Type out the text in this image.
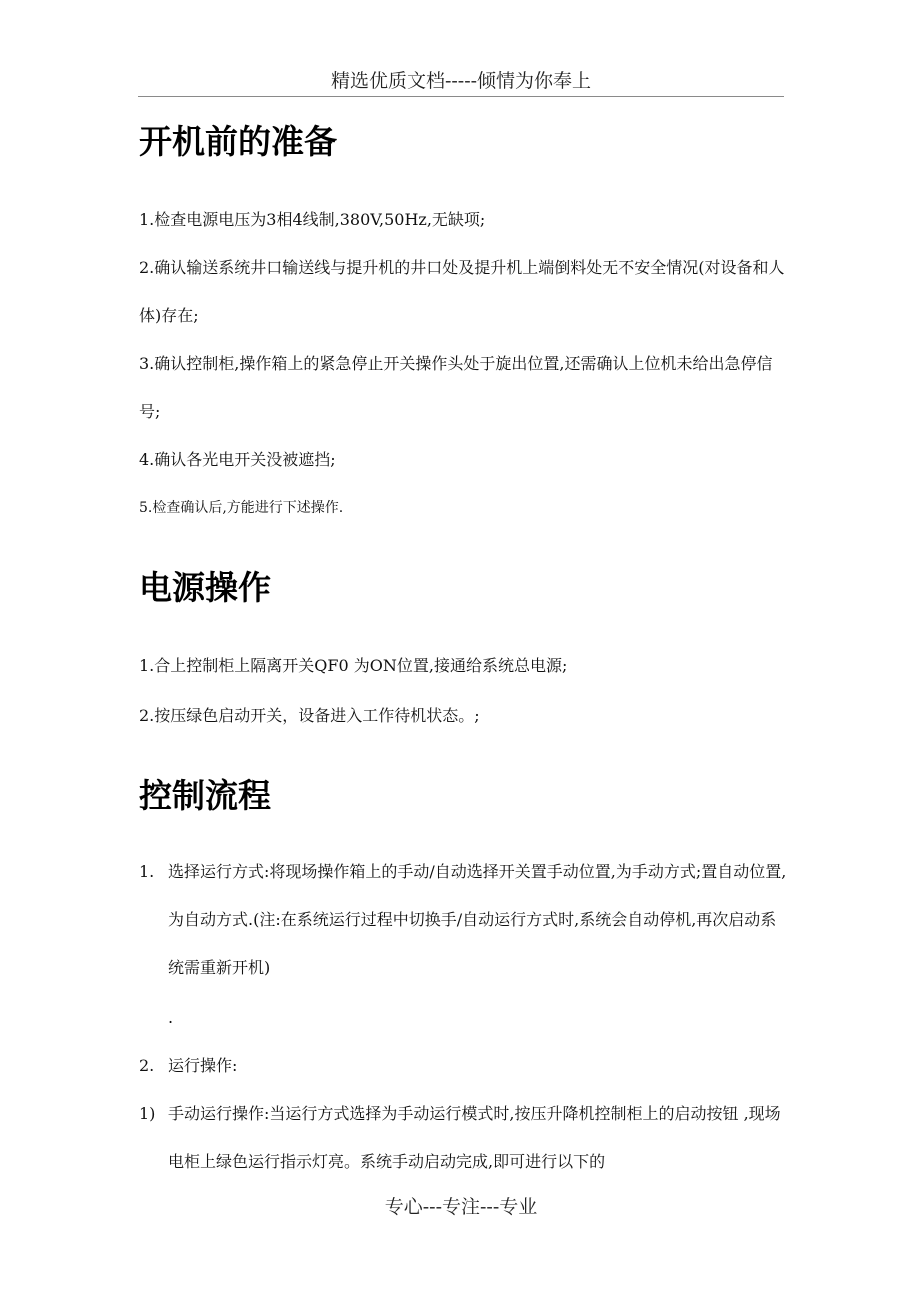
精选优质文档-----倾情为你奉上
开机前的准备

1.检查电源电压为3相4线制,380V,50Hz,无缺项;

2.确认输送系统井口输送线与提升机的井口处及提升机上端倒料处无不安全情况(对设备和人体)存在;

3.确认控制柜,操作箱上的紧急停止开关操作头处于旋出位置,还需确认上位机未给出急停信号;

4.确认各光电开关没被遮挡;

5.检查确认后,方能进行下述操作.

电源操作

1.合上控制柜上隔离开关QF0 为ON位置,接通给系统总电源;

2.按压绿色启动开关，设备进入工作待机状态。;

控制流程
1. 选择运行方式:将现场操作箱上的手动/自动选择开关置手动位置,为手动方式;置自动位置,为自动方式.(注:在系统运行过程中切换手/自动运行方式时,系统会自动停机,再次启动系统需重新开机)
.
2. 运行操作:
1) 手动运行操作:当运行方式选择为手动运行模式时,按压升降机控制柜上的启动按钮 ,现场电柜上绿色运行指示灯亮。系统手动启动完成,即可进行以下的
专心---专注---专业
